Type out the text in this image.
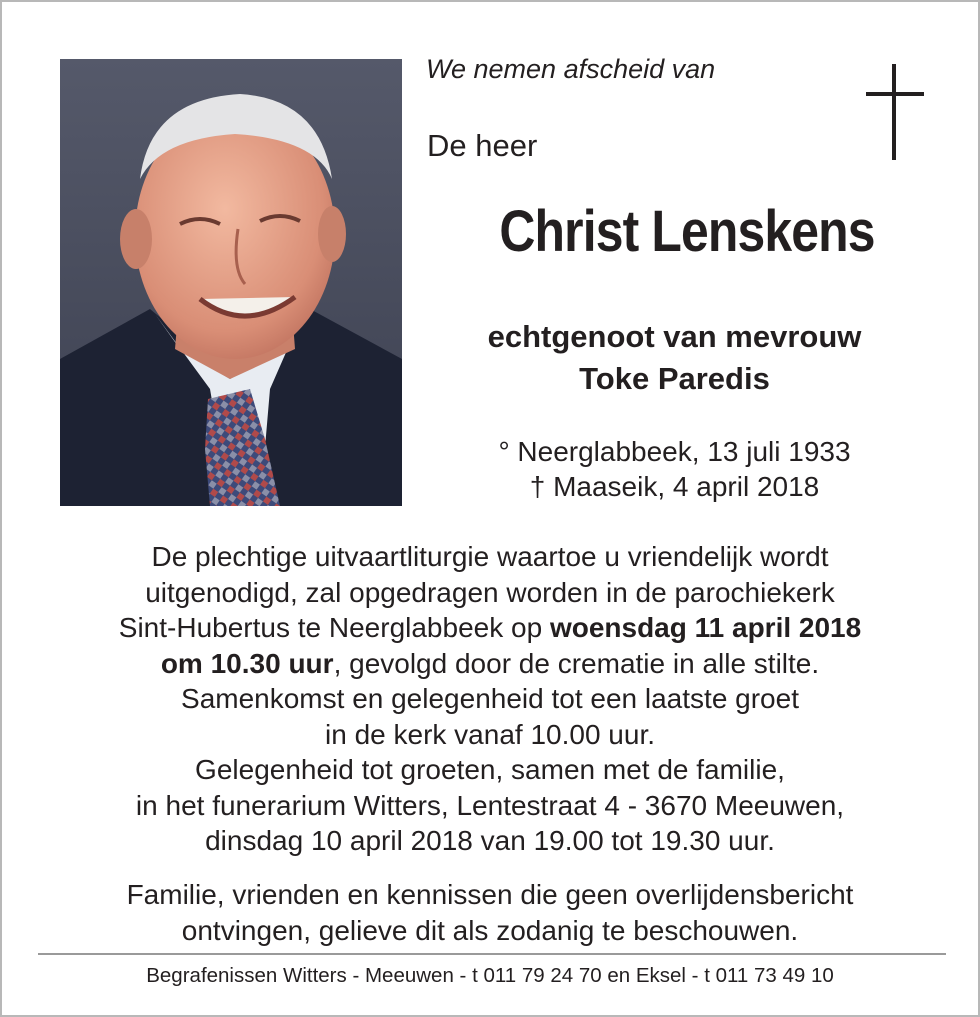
We nemen afscheid van

De heer

Christ Lenskens
echtgenoot van mevrouw
Toke Paredis
° Neerglabbeek, 13 juli 1933
† Maaseik, 4 april 2018
De plechtige uitvaartliturgie waartoe u vriendelijk wordt
uitgenodigd, zal opgedragen worden in de parochiekerk
Sint-Hubertus te Neerglabbeek op woensdag 11 april 2018
om 10.30 uur, gevolgd door de crematie in alle stilte.
Samenkomst en gelegenheid tot een laatste groet
in de kerk vanaf 10.00 uur.
Gelegenheid tot groeten, samen met de familie,
in het funerarium Witters, Lentestraat 4 - 3670 Meeuwen,
dinsdag 10 april 2018 van 19.00 tot 19.30 uur.
Familie, vrienden en kennissen die geen overlijdensbericht
ontvingen, gelieve dit als zodanig te beschouwen.

Begrafenissen Witters - Meeuwen - t 011 79 24 70 en Eksel - t 011 73 49 10
